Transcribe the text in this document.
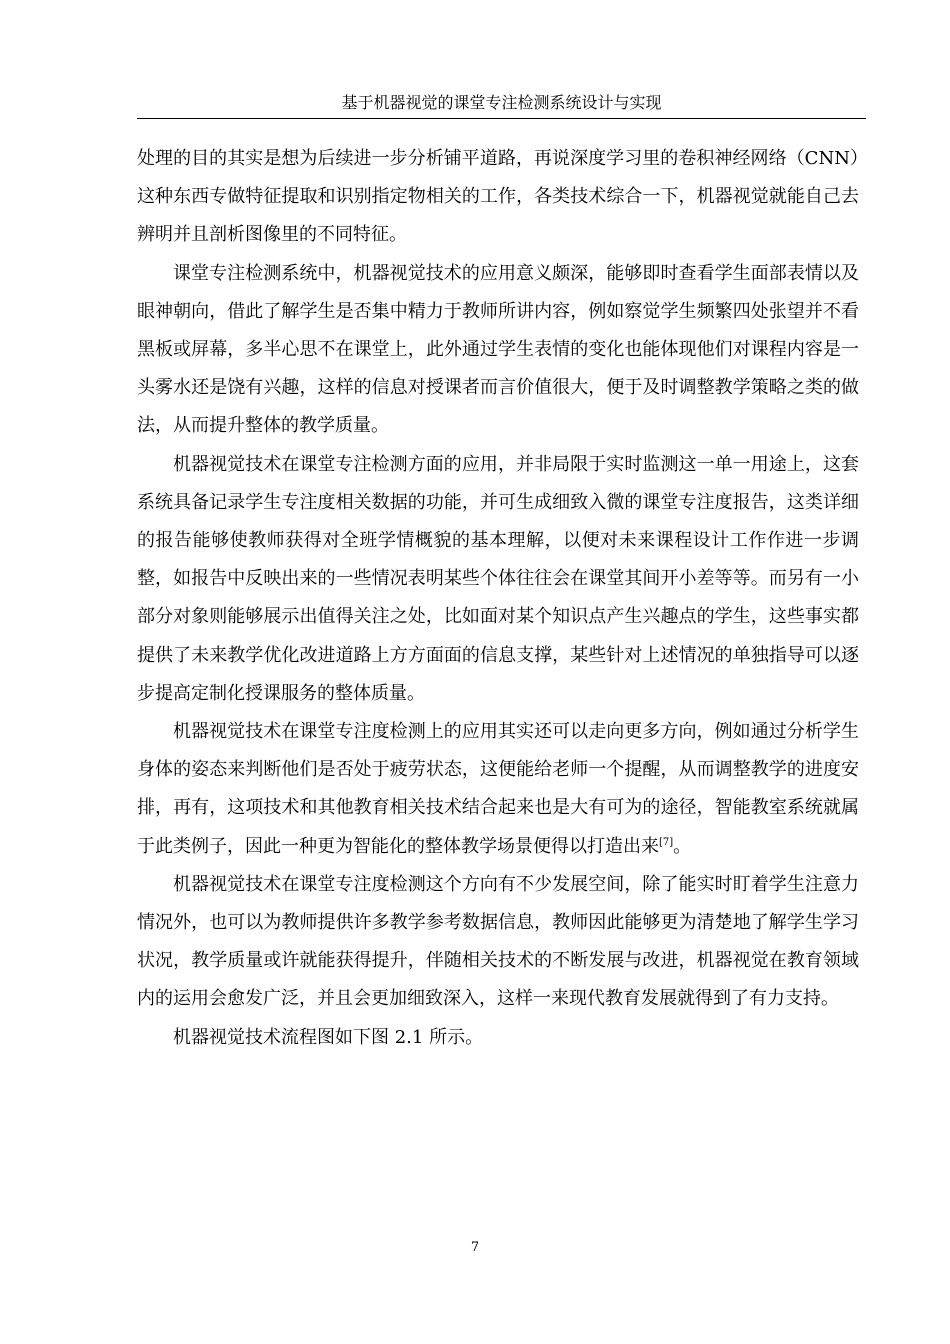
基于机器视觉的课堂专注检测系统设计与实现

处理的目的其实是想为后续进一步分析铺平道路，再说深度学习里的卷积神经网络（CNN）这种东西专做特征提取和识别指定物相关的工作，各类技术综合一下，机器视觉就能自己去辨明并且剖析图像里的不同特征。

课堂专注检测系统中，机器视觉技术的应用意义颇深，能够即时查看学生面部表情以及眼神朝向，借此了解学生是否集中精力于教师所讲内容，例如察觉学生频繁四处张望并不看黑板或屏幕，多半心思不在课堂上，此外通过学生表情的变化也能体现他们对课程内容是一头雾水还是饶有兴趣，这样的信息对授课者而言价值很大，便于及时调整教学策略之类的做法，从而提升整体的教学质量。

机器视觉技术在课堂专注检测方面的应用，并非局限于实时监测这一单一用途上，这套系统具备记录学生专注度相关数据的功能，并可生成细致入微的课堂专注度报告，这类详细的报告能够使教师获得对全班学情概貌的基本理解，以便对未来课程设计工作作进一步调整，如报告中反映出来的一些情况表明某些个体往往会在课堂其间开小差等等。而另有一小部分对象则能够展示出值得关注之处，比如面对某个知识点产生兴趣点的学生，这些事实都提供了未来教学优化改进道路上方方面面的信息支撑，某些针对上述情况的单独指导可以逐步提高定制化授课服务的整体质量。

机器视觉技术在课堂专注度检测上的应用其实还可以走向更多方向，例如通过分析学生身体的姿态来判断他们是否处于疲劳状态，这便能给老师一个提醒，从而调整教学的进度安排，再有，这项技术和其他教育相关技术结合起来也是大有可为的途径，智能教室系统就属于此类例子，因此一种更为智能化的整体教学场景便得以打造出来[7]。

机器视觉技术在课堂专注度检测这个方向有不少发展空间，除了能实时盯着学生注意力情况外，也可以为教师提供许多教学参考数据信息，教师因此能够更为清楚地了解学生学习状况，教学质量或许就能获得提升，伴随相关技术的不断发展与改进，机器视觉在教育领域内的运用会愈发广泛，并且会更加细致深入，这样一来现代教育发展就得到了有力支持。

机器视觉技术流程图如下图 2.1 所示。

7
